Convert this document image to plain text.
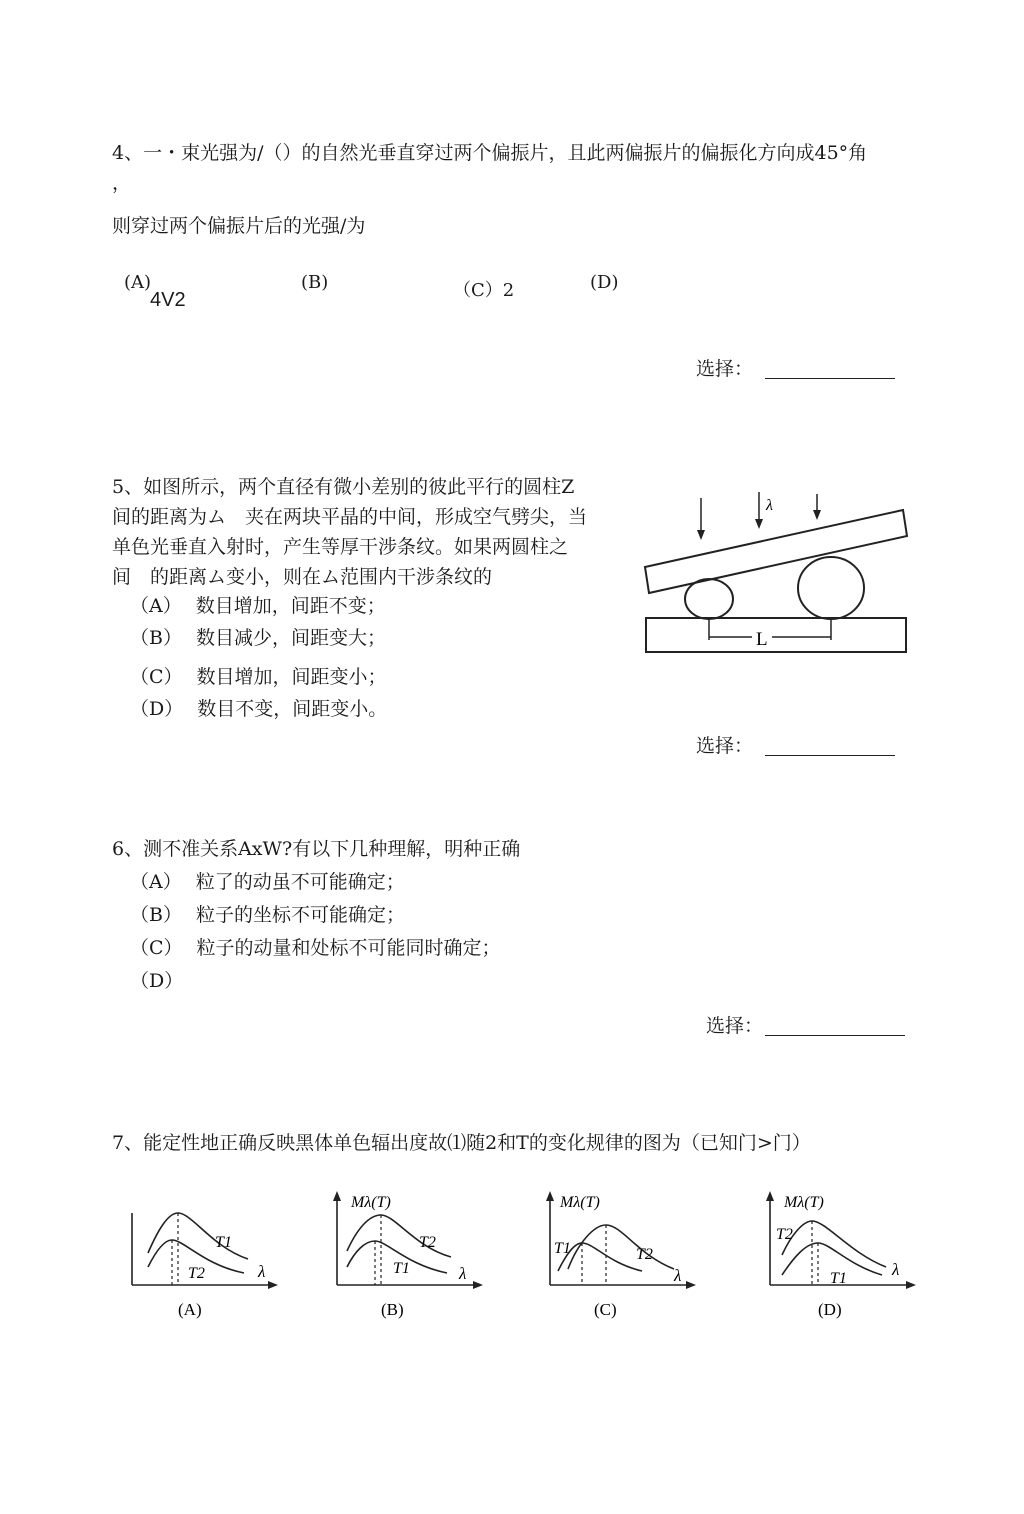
4、一・束光强为/（）的自然光垂直穿过两个偏振片，且此两偏振片的偏振化方向成45°角
，
则穿过两个偏振片后的光强/为
(A)
4V2
(B)	（C）2	(D)
选择：
5、如图所示，两个直径有微小差别的彼此平行的圆柱Z
间的距离为ム　夹在两块平晶的中间，形成空气劈尖，当
单色光垂直入射时，产生等厚干涉条纹。如果两圆柱之
间　的距离ム变小，则在ム范围内干涉条纹的
（A） 数目增加，间距不变；
（B） 数目减少，间距变大；
（C） 数目增加，间距变小；
（D） 数目不变，间距变小。
L
λ
选择：
6、测不准关系AxW?有以下几种理解，明种正确
（A） 粒了的动虽不可能确定；
（B） 粒子的坐标不可能确定；
（C） 粒子的动量和处标不可能同时确定；
（D）
选择：
7、能定性地正确反映黑体单色辐出度故⑴随2和T的变化规律的图为（已知门>门）
T1
T2	λ
(A)
Mλ(T)
T2
T1	λ
(B)
Mλ(T)
T1	T2
λ
(C)
Mλ(T)
T2
T1	λ
(D)
